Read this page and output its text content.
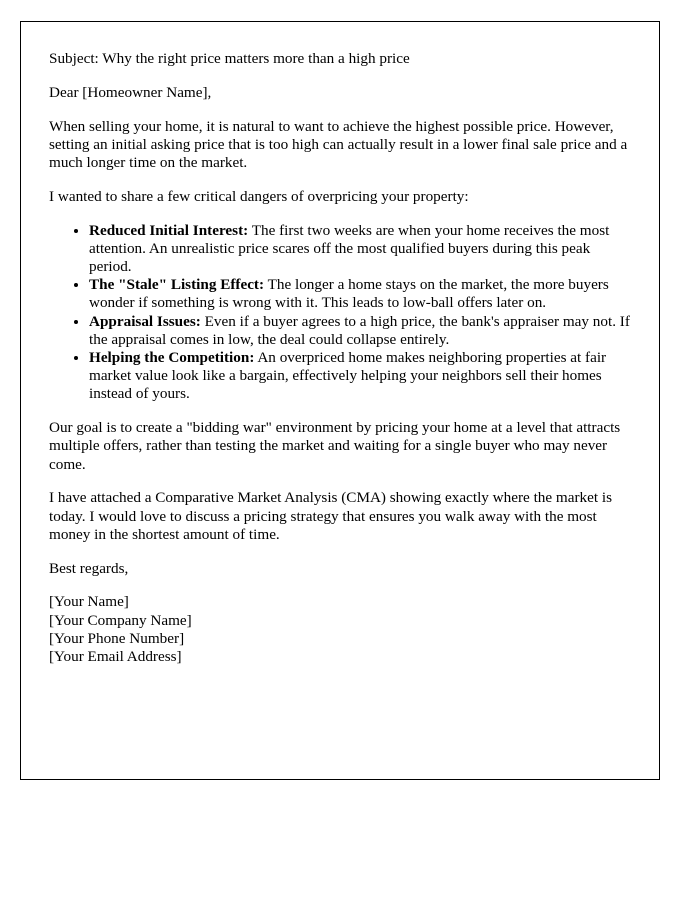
Subject: Why the right price matters more than a high price

Dear [Homeowner Name],

When selling your home, it is natural to want to achieve the highest possible price. However, setting an initial asking price that is too high can actually result in a lower final sale price and a much longer time on the market.

I wanted to share a few critical dangers of overpricing your property:

• Reduced Initial Interest: The first two weeks are when your home receives the most attention. An unrealistic price scares off the most qualified buyers during this peak period.
• The "Stale" Listing Effect: The longer a home stays on the market, the more buyers wonder if something is wrong with it. This leads to low-ball offers later on.
• Appraisal Issues: Even if a buyer agrees to a high price, the bank's appraiser may not. If the appraisal comes in low, the deal could collapse entirely.
• Helping the Competition: An overpriced home makes neighboring properties at fair market value look like a bargain, effectively helping your neighbors sell their homes instead of yours.

Our goal is to create a "bidding war" environment by pricing your home at a level that attracts multiple offers, rather than testing the market and waiting for a single buyer who may never come.

I have attached a Comparative Market Analysis (CMA) showing exactly where the market is today. I would love to discuss a pricing strategy that ensures you walk away with the most money in the shortest amount of time.

Best regards,

[Your Name]
[Your Company Name]
[Your Phone Number]
[Your Email Address]
